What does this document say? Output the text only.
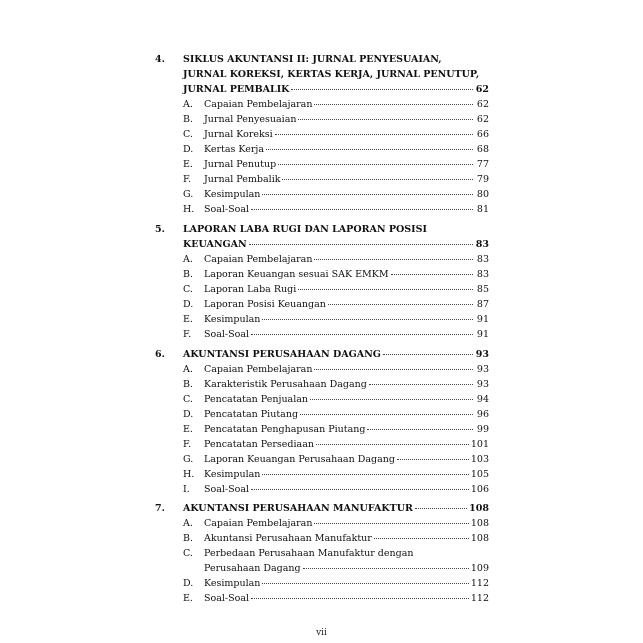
4. SIKLUS AKUNTANSI II: JURNAL PENYESUAIAN,
JURNAL KOREKSI, KERTAS KERJA, JURNAL PENUTUP,
JURNAL PEMBALIK	62
A.	Capaian Pembelajaran	62
B.	Jurnal Penyesuaian	62
C.	Jurnal Koreksi	66
D.	Kertas Kerja	68
E.	Jurnal Penutup	77
F.	Jurnal Pembalik	79
G.	Kesimpulan	80
H.	Soal-Soal	81
5. LAPORAN LABA RUGI DAN LAPORAN POSISI
KEUANGAN	83
A.	Capaian Pembelajaran	83
B.	Laporan Keuangan sesuai SAK EMKM	83
C.	Laporan Laba Rugi	85
D.	Laporan Posisi Keuangan	87
E.	Kesimpulan	91
F.	Soal-Soal	91
6. AKUNTANSI PERUSAHAAN DAGANG	93
A.	Capaian Pembelajaran	93
B.	Karakteristik Perusahaan Dagang	93
C.	Pencatatan Penjualan	94
D.	Pencatatan Piutang	96
E.	Pencatatan Penghapusan Piutang	99
F.	Pencatatan Persediaan	101
G.	Laporan Keuangan Perusahaan Dagang	103
H.	Kesimpulan	105
I.	Soal-Soal	106
7. AKUNTANSI PERUSAHAAN MANUFAKTUR	108
A.	Capaian Pembelajaran	108
B.	Akuntansi Perusahaan Manufaktur	108
C.	Perbedaan Perusahaan Manufaktur dengan
Perusahaan Dagang	109
D.	Kesimpulan	112
E.	Soal-Soal	112
vii
